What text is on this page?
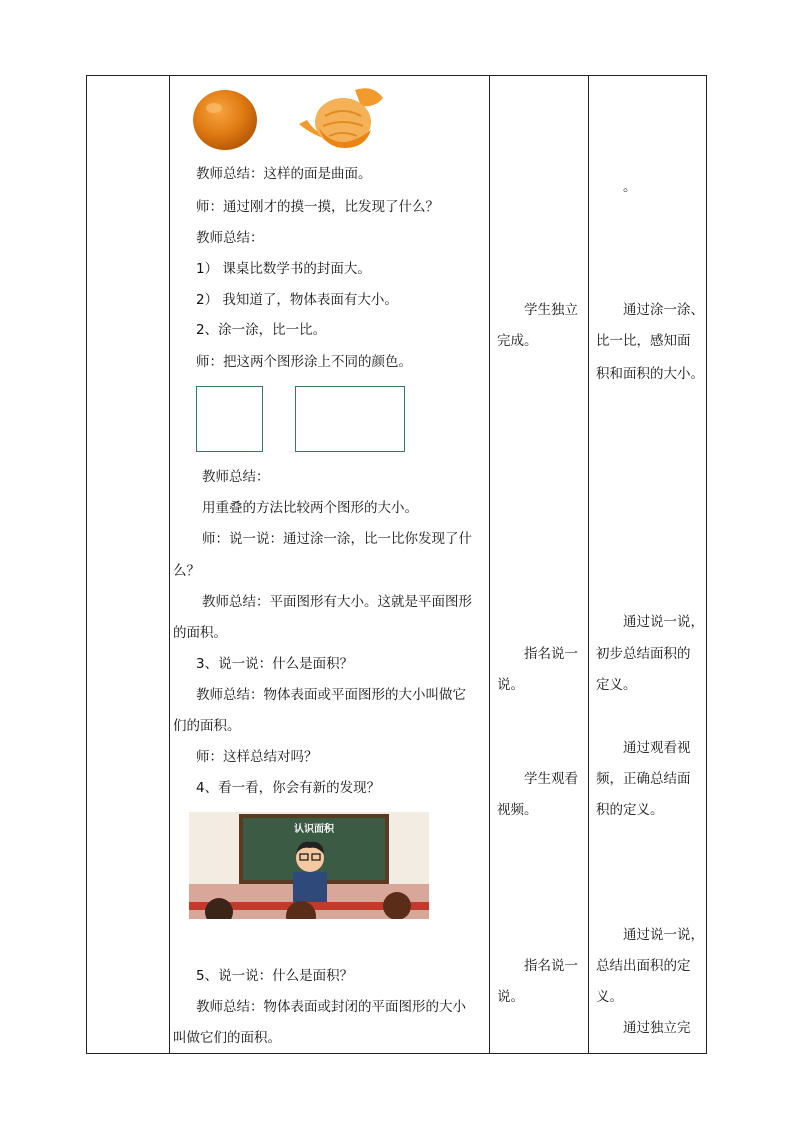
教师总结：这样的面是曲面。
师：通过刚才的摸一摸，比发现了什么？
教师总结：
1） 课桌比数学书的封面大。
2） 我知道了，物体表面有大小。
2、涂一涂，比一比。
师：把这两个图形涂上不同的颜色。
教师总结：
用重叠的方法比较两个图形的大小。
师：说一说：通过涂一涂，比一比你发现了什
么？
教师总结：平面图形有大小。这就是平面图形
的面积。
3、说一说：什么是面积？
教师总结：物体表面或平面图形的大小叫做它
们的面积。
师：这样总结对吗？
4、看一看，你会有新的发现？
认识面积
5、说一说：什么是面积？
教师总结：物体表面或封闭的平面图形的大小
叫做它们的面积。
学生独立
完成。
指名说一
说。
学生观看
视频。
指名说一
说。
。
通过涂一涂、
比一比，感知面
积和面积的大小。
通过说一说，
初步总结面积的
定义。
通过观看视
频，正确总结面
积的定义。
通过说一说，
总结出面积的定
义。
通过独立完
